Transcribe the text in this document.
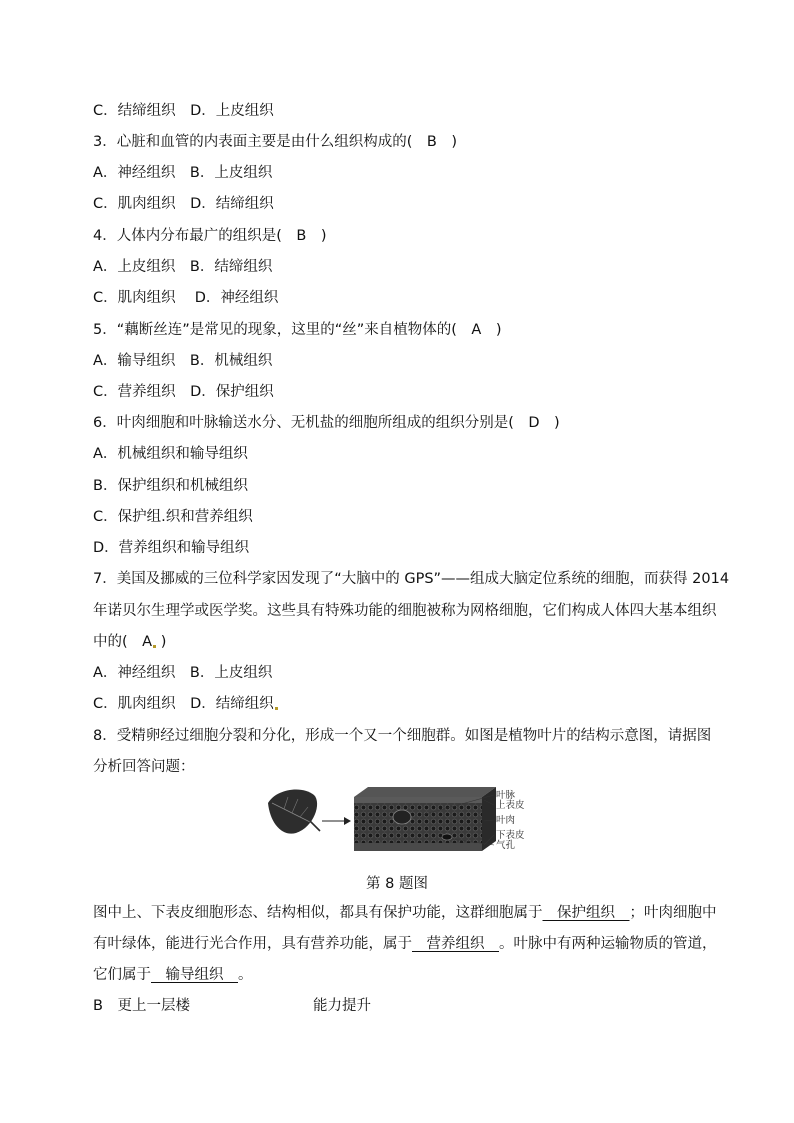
C．结缔组织　D．上皮组织
3．心脏和血管的内表面主要是由什么组织构成的(　B　)
A．神经组织　B．上皮组织
C．肌肉组织　D．结缔组织
4．人体内分布最广的组织是(　B　)
A．上皮组织　B．结缔组织
C．肌肉组织　 D．神经组织
5．“藕断丝连”是常见的现象，这里的“丝”来自植物体的(　A　)
A．输导组织　B．机械组织
C．营养组织　D．保护组织
6．叶肉细胞和叶脉输送水分、无机盐的细胞所组成的组织分别是(　D　)
A．机械组织和输导组织
B．保护组织和机械组织
C．保护组.织和营养组织
D．营养组织和输导组织
7．美国及挪威的三位科学家因发现了“大脑中的 GPS”——组成大脑定位系统的细胞，而获得 2014
年诺贝尔生理学或医学奖。这些具有特殊功能的细胞被称为网格细胞，它们构成人体四大基本组织
中的(　A )
A．神经组织　B．上皮组织
C．肌肉组织　D．结缔组织
8．受精卵经过细胞分裂和分化，形成一个又一个细胞群。如图是植物叶片的结构示意图，请据图
分析回答问题：
叶脉
上表皮
叶肉
下表皮
气孔
第 8 题图
图中上、下表皮细胞形态、结构相似，都具有保护功能，这群细胞属于　保护组织　；叶肉细胞中
有叶绿体，能进行光合作用，具有营养功能，属于　营养组织　。叶脉中有两种运输物质的管道，
它们属于　输导组织　。
B　更上一层楼	能力提升
